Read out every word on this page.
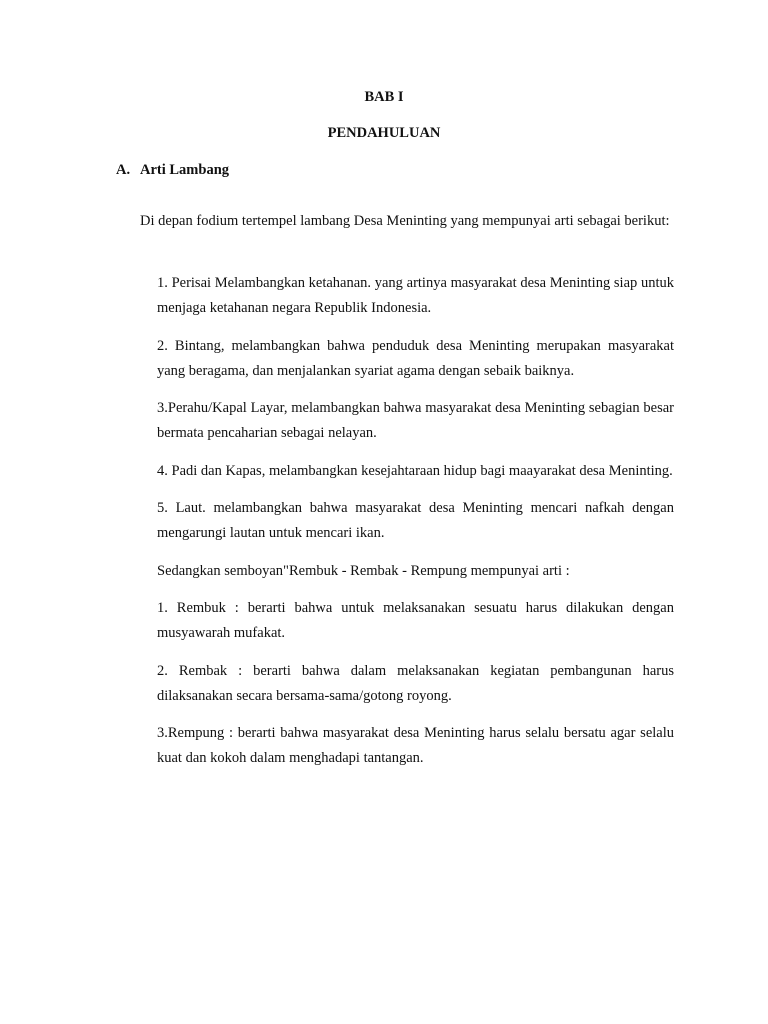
BAB I
PENDAHULUAN
A. Arti Lambang

Di depan fodium tertempel lambang Desa Meninting yang mempunyai arti sebagai berikut:

1. Perisai Melambangkan ketahanan. yang artinya masyarakat desa Meninting siap untuk menjaga ketahanan negara Republik Indonesia.

2. Bintang, melambangkan bahwa penduduk desa Meninting merupakan masyarakat yang beragama, dan menjalankan syariat agama dengan sebaik baiknya.

3.Perahu/Kapal Layar, melambangkan bahwa masyarakat desa Meninting sebagian besar bermata pencaharian sebagai nelayan.

4. Padi dan Kapas, melambangkan kesejahtaraan hidup bagi maayarakat desa Meninting.

5. Laut. melambangkan bahwa masyarakat desa Meninting mencari nafkah dengan mengarungi lautan untuk mencari ikan.

Sedangkan semboyan"Rembuk - Rembak - Rempung mempunyai arti :

1. Rembuk : berarti bahwa untuk melaksanakan sesuatu harus dilakukan dengan musyawarah mufakat.

2. Rembak : berarti bahwa dalam melaksanakan kegiatan pembangunan harus dilaksanakan secara bersama-sama/gotong royong.

3.Rempung : berarti bahwa masyarakat desa Meninting harus selalu bersatu agar selalu kuat dan kokoh dalam menghadapi tantangan.
